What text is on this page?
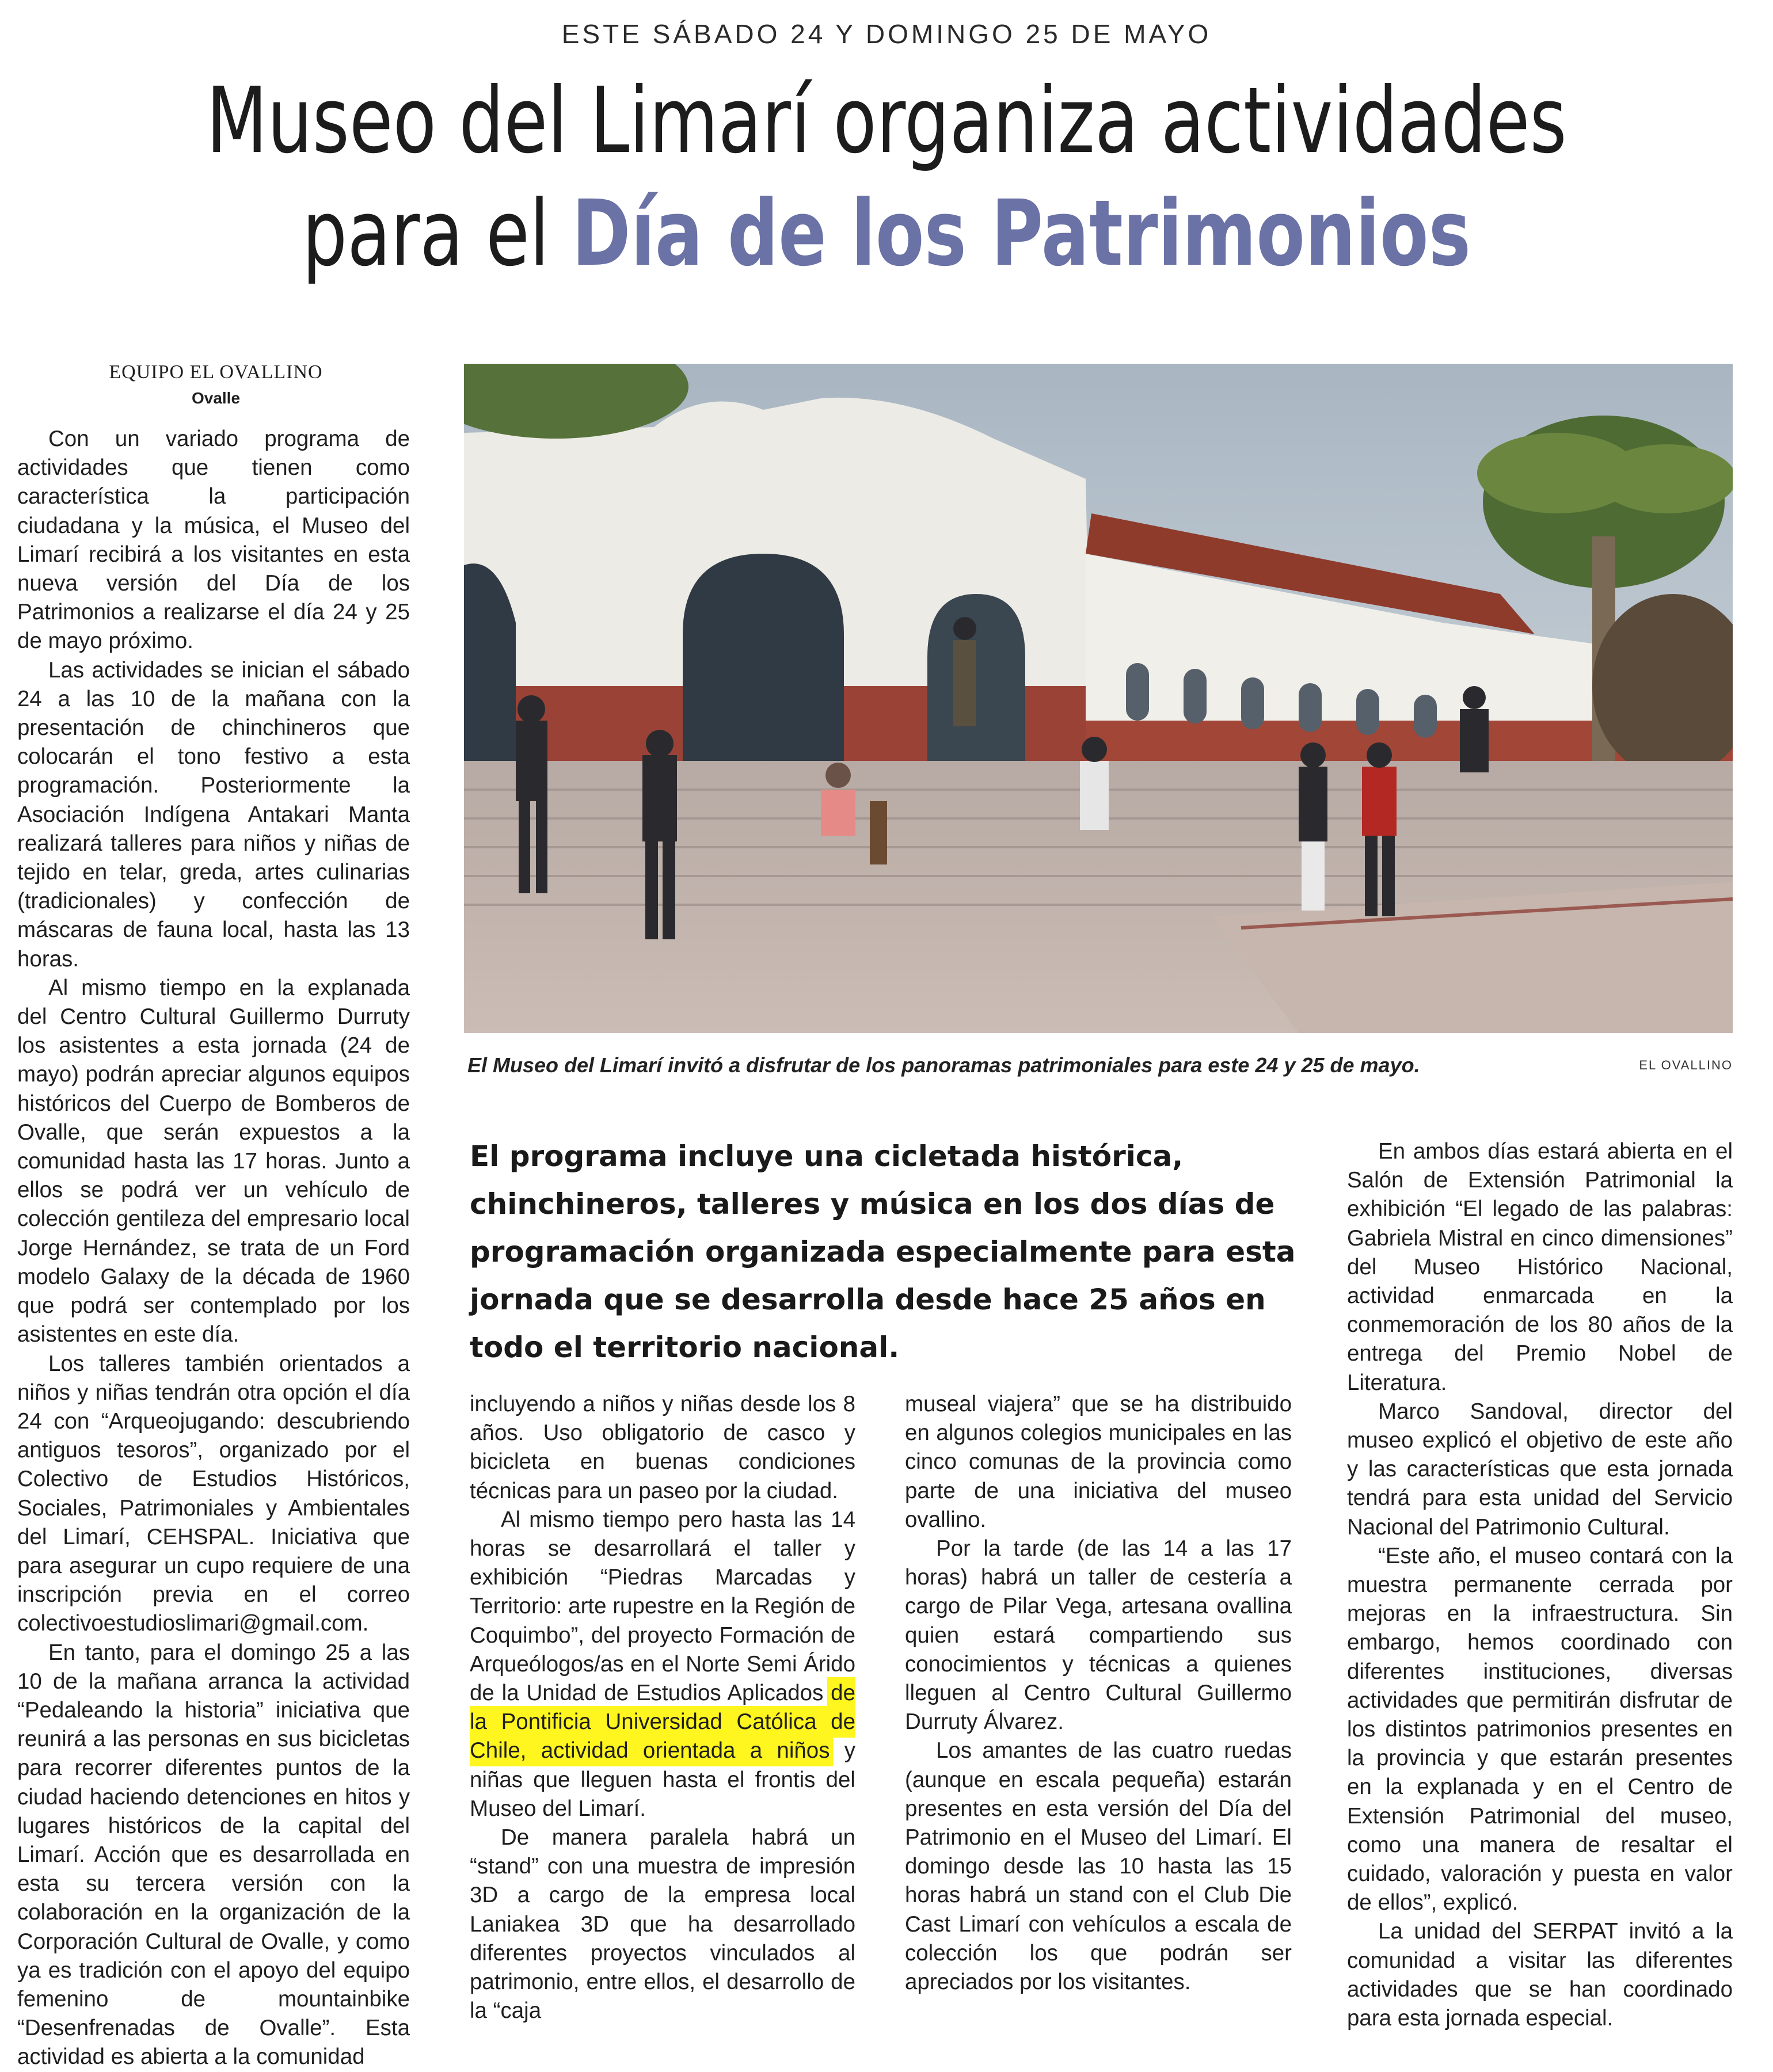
ESTE SÁBADO 24 Y DOMINGO 25 DE MAYO
Museo del Limarí organiza actividades
para el Día de los Patrimonios
EQUIPO EL OVALLINO
Ovalle

Con un variado programa de actividades que tienen como característica la participación ciudadana y la música, el Museo del Limarí recibirá a los visitantes en esta nueva versión del Día de los Patrimonios a realizarse el día 24 y 25 de mayo próximo.

Las actividades se inician el sábado 24 a las 10 de la mañana con la presentación de chinchineros que colocarán el tono festivo a esta programación. Posteriormente la Asociación Indígena Antakari Manta realizará talleres para niños y niñas de tejido en telar, greda, artes culinarias (tradicionales) y confección de máscaras de fauna local, hasta las 13 horas.

Al mismo tiempo en la explanada del Centro Cultural Guillermo Durruty los asistentes a esta jornada (24 de mayo) podrán apreciar algunos equipos históricos del Cuerpo de Bomberos de Ovalle, que serán expuestos a la comunidad hasta las 17 horas. Junto a ellos se podrá ver un vehículo de colección gentileza del empresario local Jorge Hernández, se trata de un Ford modelo Galaxy de la década de 1960 que podrá ser contemplado por los asistentes en este día.

Los talleres también orientados a niños y niñas tendrán otra opción el día 24 con “Arqueojugando: descubriendo antiguos tesoros”, organizado por el Colectivo de Estudios Históricos, Sociales, Patrimoniales y Ambientales del Limarí, CEHSPAL. Iniciativa que para asegurar un cupo requiere de una inscripción previa en el correo colectivoestudioslimari@gmail.com.

En tanto, para el domingo 25 a las 10 de la mañana arranca la actividad “Pedaleando la historia” iniciativa que reunirá a las personas en sus bicicletas para recorrer diferentes puntos de la ciudad haciendo detenciones en hitos y lugares históricos de la capital del Limarí. Acción que es desarrollada en esta su tercera versión con la colaboración en la organización de la Corporación Cultural de Ovalle, y como ya es tradición con el apoyo del equipo femenino de mountainbike “Desenfrenadas de Ovalle”. Esta actividad es abierta a la comunidad

El Museo del Limarí invitó a disfrutar de los panoramas patrimoniales para este 24 y 25 de mayo.	EL OVALLINO
El programa incluye una cicletada histórica, chinchineros, talleres y música en los dos días de programación organizada especialmente para esta jornada que se desarrolla desde hace 25 años en todo el territorio nacional.

incluyendo a niños y niñas desde los 8 años. Uso obligatorio de casco y bicicleta en buenas condiciones técnicas para un paseo por la ciudad.

Al mismo tiempo pero hasta las 14 horas se desarrollará el taller y exhibición “Piedras Marcadas y Territorio: arte rupestre en la Región de Coquimbo”, del proyecto Formación de Arqueólogos/as en el Norte Semi Árido de la Unidad de Estudios Aplicados de la Pontificia Universidad Católica de Chile, actividad orientada a niños y niñas que lleguen hasta el frontis del Museo del Limarí.

De manera paralela habrá un “stand” con una muestra de impresión 3D a cargo de la empresa local Laniakea 3D que ha desarrollado diferentes proyectos vinculados al patrimonio, entre ellos, el desarrollo de la “caja

museal viajera” que se ha distribuido en algunos colegios municipales en las cinco comunas de la provincia como parte de una iniciativa del museo ovallino.

Por la tarde (de las 14 a las 17 horas) habrá un taller de cestería a cargo de Pilar Vega, artesana ovallina quien estará compartiendo sus conocimientos y técnicas a quienes lleguen al Centro Cultural Guillermo Durruty Álvarez.

Los amantes de las cuatro ruedas (aunque en escala pequeña) estarán presentes en esta versión del Día del Patrimonio en el Museo del Limarí. El domingo desde las 10 hasta las 15 horas habrá un stand con el Club Die Cast Limarí con vehículos a escala de colección los que podrán ser apreciados por los visitantes.

En ambos días estará abierta en el Salón de Extensión Patrimonial la exhibición “El legado de las palabras: Gabriela Mistral en cinco dimensiones” del Museo Histórico Nacional, actividad enmarcada en la conmemoración de los 80 años de la entrega del Premio Nobel de Literatura.

Marco Sandoval, director del museo explicó el objetivo de este año y las características que esta jornada tendrá para esta unidad del Servicio Nacional del Patrimonio Cultural.

“Este año, el museo contará con la muestra permanente cerrada por mejoras en la infraestructura. Sin embargo, hemos coordinado con diferentes instituciones, diversas actividades que permitirán disfrutar de los distintos patrimonios presentes en la provincia y que estarán presentes en la explanada y en el Centro de Extensión Patrimonial del museo, como una manera de resaltar el cuidado, valoración y puesta en valor de ellos”, explicó.

La unidad del SERPAT invitó a la comunidad a visitar las diferentes actividades que se han coordinado para esta jornada especial.
